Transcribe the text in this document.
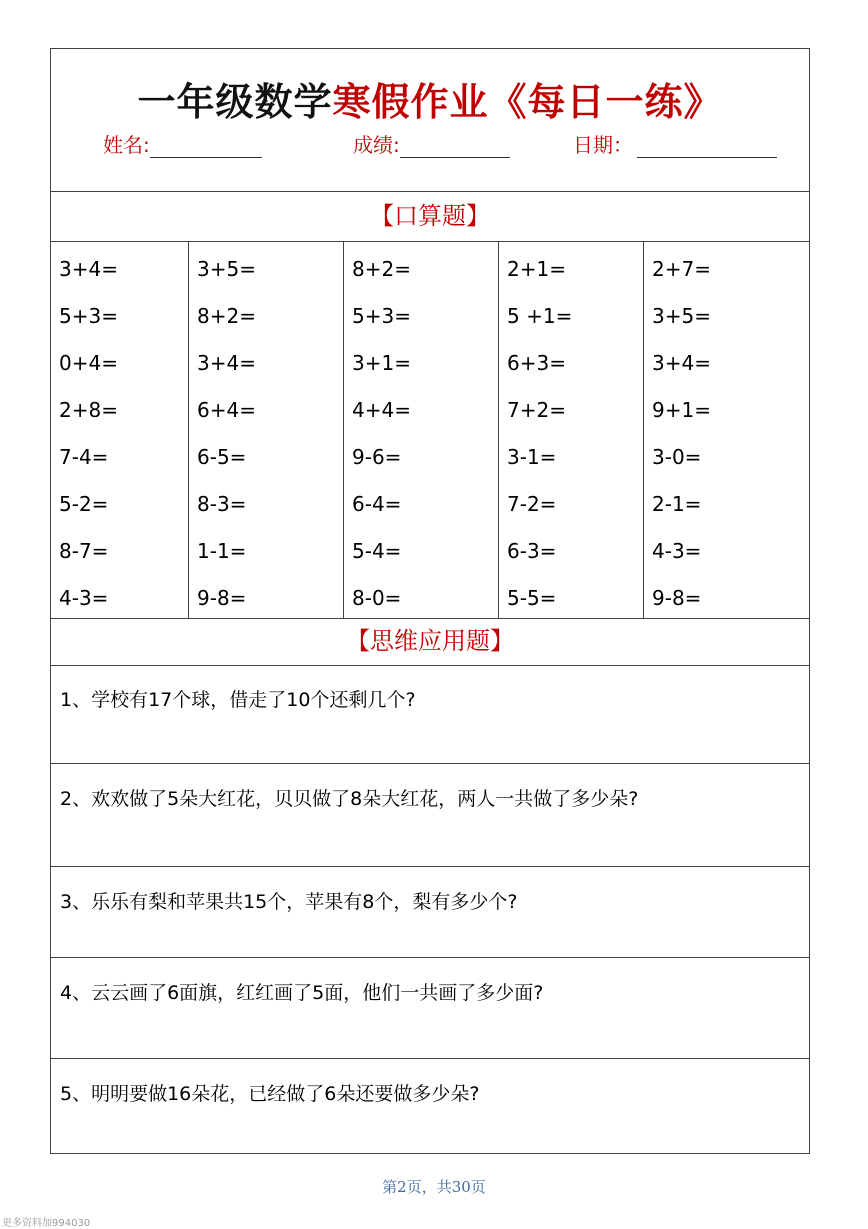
一年级数学寒假作业《每日一练》
姓名:	成绩:	日期：
【口算题】
3+4=
5+3=
0+4=
2+8=
7-4=
5-2=
8-7=
4-3=
3+5=
8+2=
3+4=
6+4=
6-5=
8-3=
1-1=
9-8=
8+2=
5+3=
3+1=
4+4=
9-6=
6-4=
5-4=
8-0=
2+1=
5 +1=
6+3=
7+2=
3-1=
7-2=
6-3=
5-5=
2+7=
3+5=
3+4=
9+1=
3-0=
2-1=
4-3=
9-8=
【思维应用题】
1、学校有17个球，借走了10个还剩几个?
2、欢欢做了5朵大红花，贝贝做了8朵大红花，两人一共做了多少朵?
3、乐乐有梨和苹果共15个，苹果有8个，梨有多少个?
4、云云画了6面旗，红红画了5面，他们一共画了多少面?
5、明明要做16朵花，已经做了6朵还要做多少朵?
第2页，共30页
更多资料加994030
